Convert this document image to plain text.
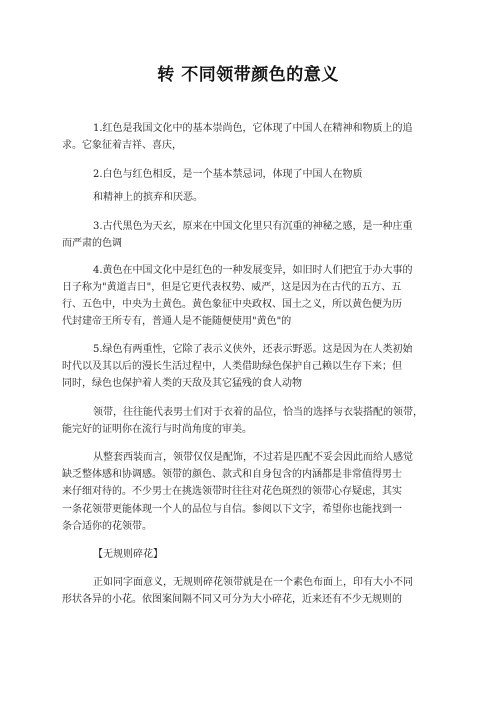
转 不同领带颜色的意义
1.红色是我国文化中的基本崇尚色，它体现了中国人在精神和物质上的追
求。它象征着吉祥、喜庆，
2.白色与红色相反，是一个基本禁忌词，体现了中国人在物质
和精神上的摈弃和厌恶。
3.古代黑色为天玄，原来在中国文化里只有沉重的神秘之感，是一种庄重
而严肃的色调
4.黄色在中国文化中是红色的一种发展变异，如旧时人们把宜于办大事的
日子称为"黄道吉日"，但是它更代表权势、威严，这是因为在古代的五方、五
行、五色中，中央为土黄色。黄色象征中央政权、国土之义，所以黄色便为历
代封建帝王所专有，普通人是不能随便使用"黄色"的
5.绿色有两重性，它除了表示义侠外，还表示野恶。这是因为在人类初始
时代以及其以后的漫长生活过程中，人类借助绿色保护自己赖以生存下来；但
同时，绿色也保护着人类的天敌及其它猛残的食人动物
领带，往往能代表男士们对于衣着的品位，恰当的选择与衣装搭配的领带，
能完好的证明你在流行与时尚角度的审美。
从整套西装而言，领带仅仅是配饰，不过若是匹配不妥会因此而给人感觉
缺乏整体感和协调感。领带的颜色、款式和自身包含的内涵都是非常值得男士
来仔细对待的。不少男士在挑选领带时往往对花色斑烈的领带心存疑虑，其实
一条花领带更能体现一个人的品位与自信。参阅以下文字，希望你也能找到一
条合适你的花领带。
【无规则碎花】
正如同字面意义，无规则碎花领带就是在一个素色布面上，印有大小不同
形状各异的小花。依图案间隔不同又可分为大小碎花，近来还有不少无规则的
